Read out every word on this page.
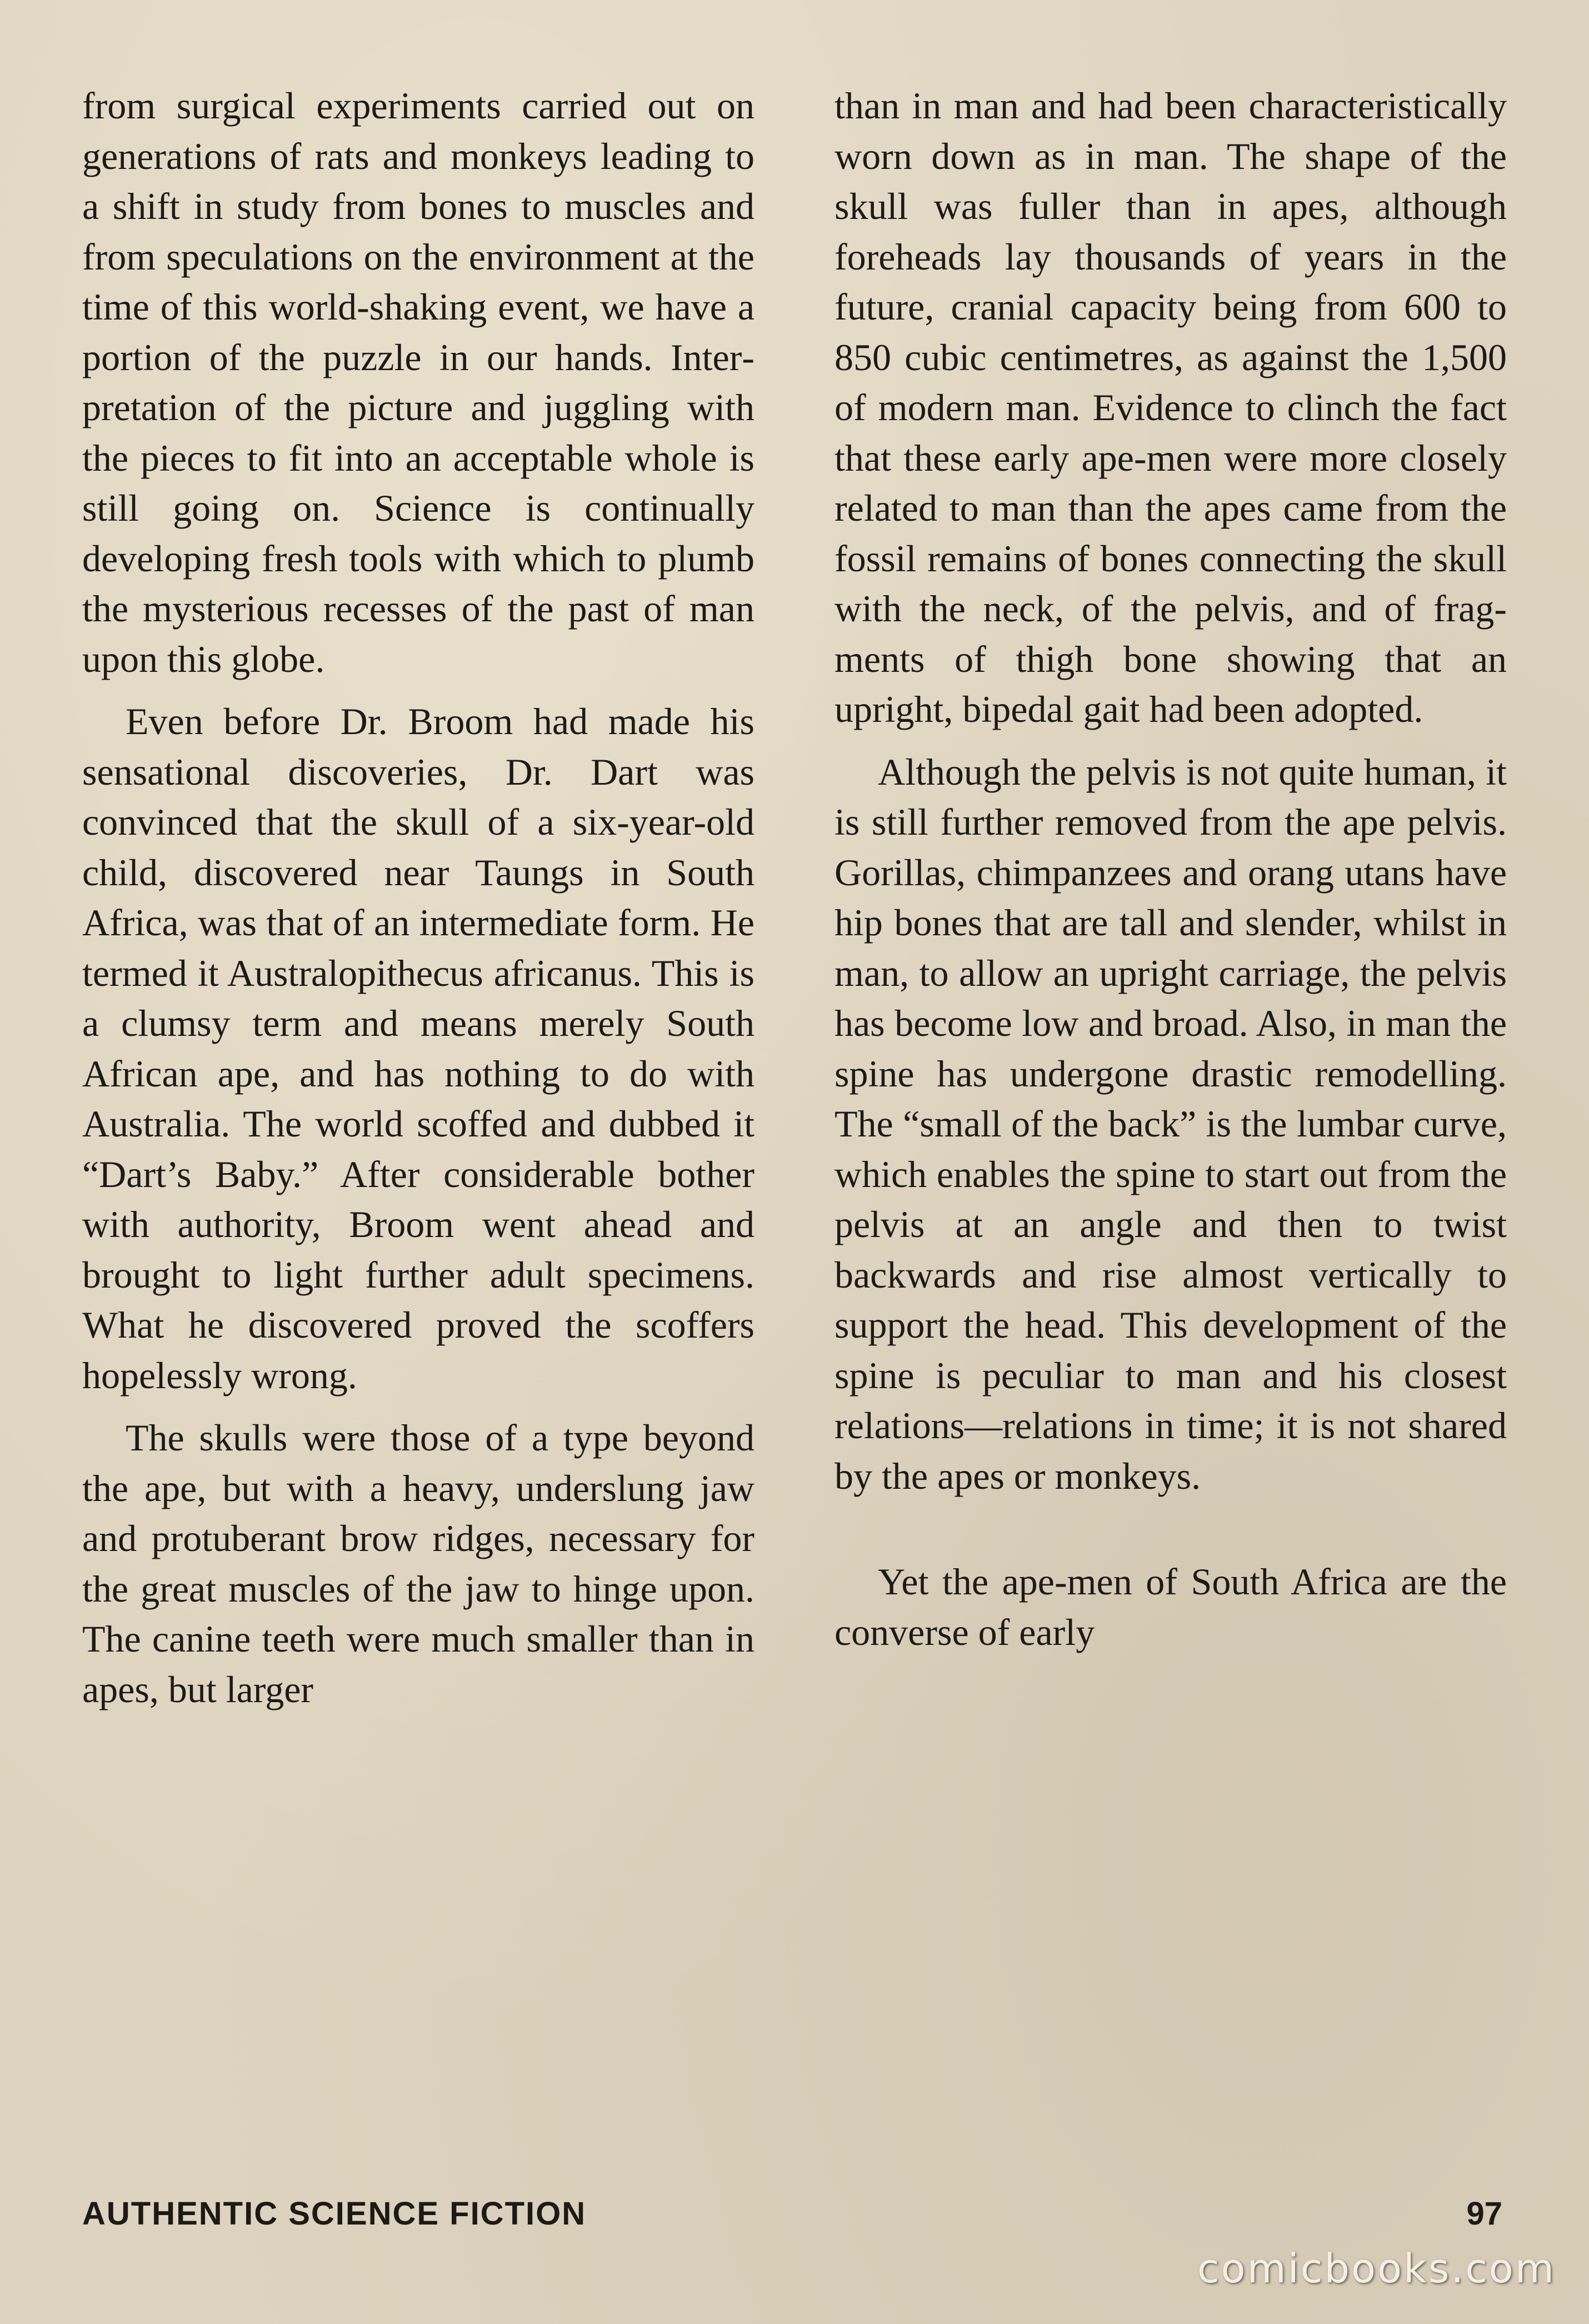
from surgical experiments carried out on generations of rats and monkeys leading to a shift in study from bones to muscles and from speculations on the environment at the time of this world-shaking event, we have a portion of the puzzle in our hands. Interpretation of the picture and juggling with the pieces to fit into an acceptable whole is still going on. Science is continually developing fresh tools with which to plumb the mysterious recesses of the past of man upon this globe.

Even before Dr. Broom had made his sensational discoveries, Dr. Dart was convinced that the skull of a six-year-old child, discovered near Taungs in South Africa, was that of an intermediate form. He termed it Australopithecus africanus. This is a clumsy term and means merely South African ape, and has nothing to do with Australia. The world scoffed and dubbed it “Dart’s Baby.” After considerable bother with authority, Broom went ahead and brought to light further adult specimens. What he discovered proved the scoffers hopelessly wrong.

The skulls were those of a type beyond the ape, but with a heavy, underslung jaw and protuberant brow ridges, necessary for the great muscles of the jaw to hinge upon. The canine teeth were much smaller than in apes, but larger

than in man and had been characteristically worn down as in man. The shape of the skull was fuller than in apes, although foreheads lay thousands of years in the future, cranial capacity being from 600 to 850 cubic centimetres, as against the 1,500 of modern man. Evidence to clinch the fact that these early ape-men were more closely related to man than the apes came from the fossil remains of bones connecting the skull with the neck, of the pelvis, and of fragments of thigh bone showing that an upright, bipedal gait had been adopted.

Although the pelvis is not quite human, it is still further removed from the ape pelvis. Gorillas, chimpanzees and orang utans have hip bones that are tall and slender, whilst in man, to allow an upright carriage, the pelvis has become low and broad. Also, in man the spine has undergone drastic remodelling. The “small of the back” is the lumbar curve, which enables the spine to start out from the pelvis at an angle and then to twist backwards and rise almost vertically to support the head. This development of the spine is peculiar to man and his closest relations—relations in time; it is not shared by the apes or monkeys.

Yet the ape-men of South Africa are the converse of early

AUTHENTIC SCIENCE FICTION	97
comicbooks.com
